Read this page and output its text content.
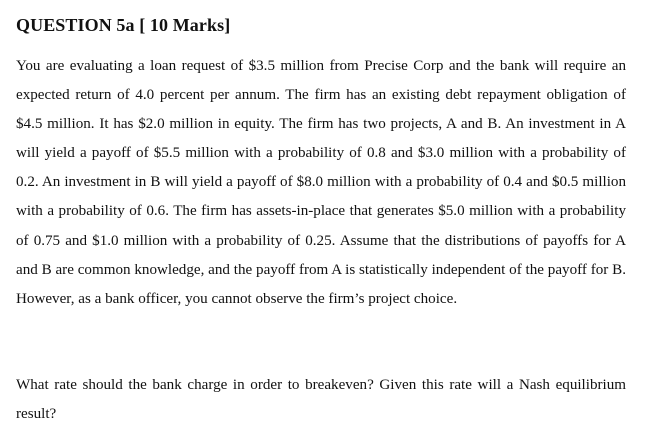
QUESTION 5a [ 10 Marks]

You are evaluating a loan request of $3.5 million from Precise Corp and the bank will require an expected return of 4.0 percent per annum. The firm has an existing debt repayment obligation of $4.5 million. It has $2.0 million in equity. The firm has two projects, A and B. An investment in A will yield a payoff of $5.5 million with a probability of 0.8 and $3.0 million with a probability of 0.2. An investment in B will yield a payoff of $8.0 million with a probability of 0.4 and $0.5 million with a probability of 0.6. The firm has assets-in-place that generates $5.0 million with a probability of 0.75 and $1.0 million with a probability of 0.25. Assume that the distributions of payoffs for A and B are common knowledge, and the payoff from A is statistically independent of the payoff for B. However, as a bank officer, you cannot observe the firm’s project choice.

What rate should the bank charge in order to breakeven? Given this rate will a Nash equilibrium result?
